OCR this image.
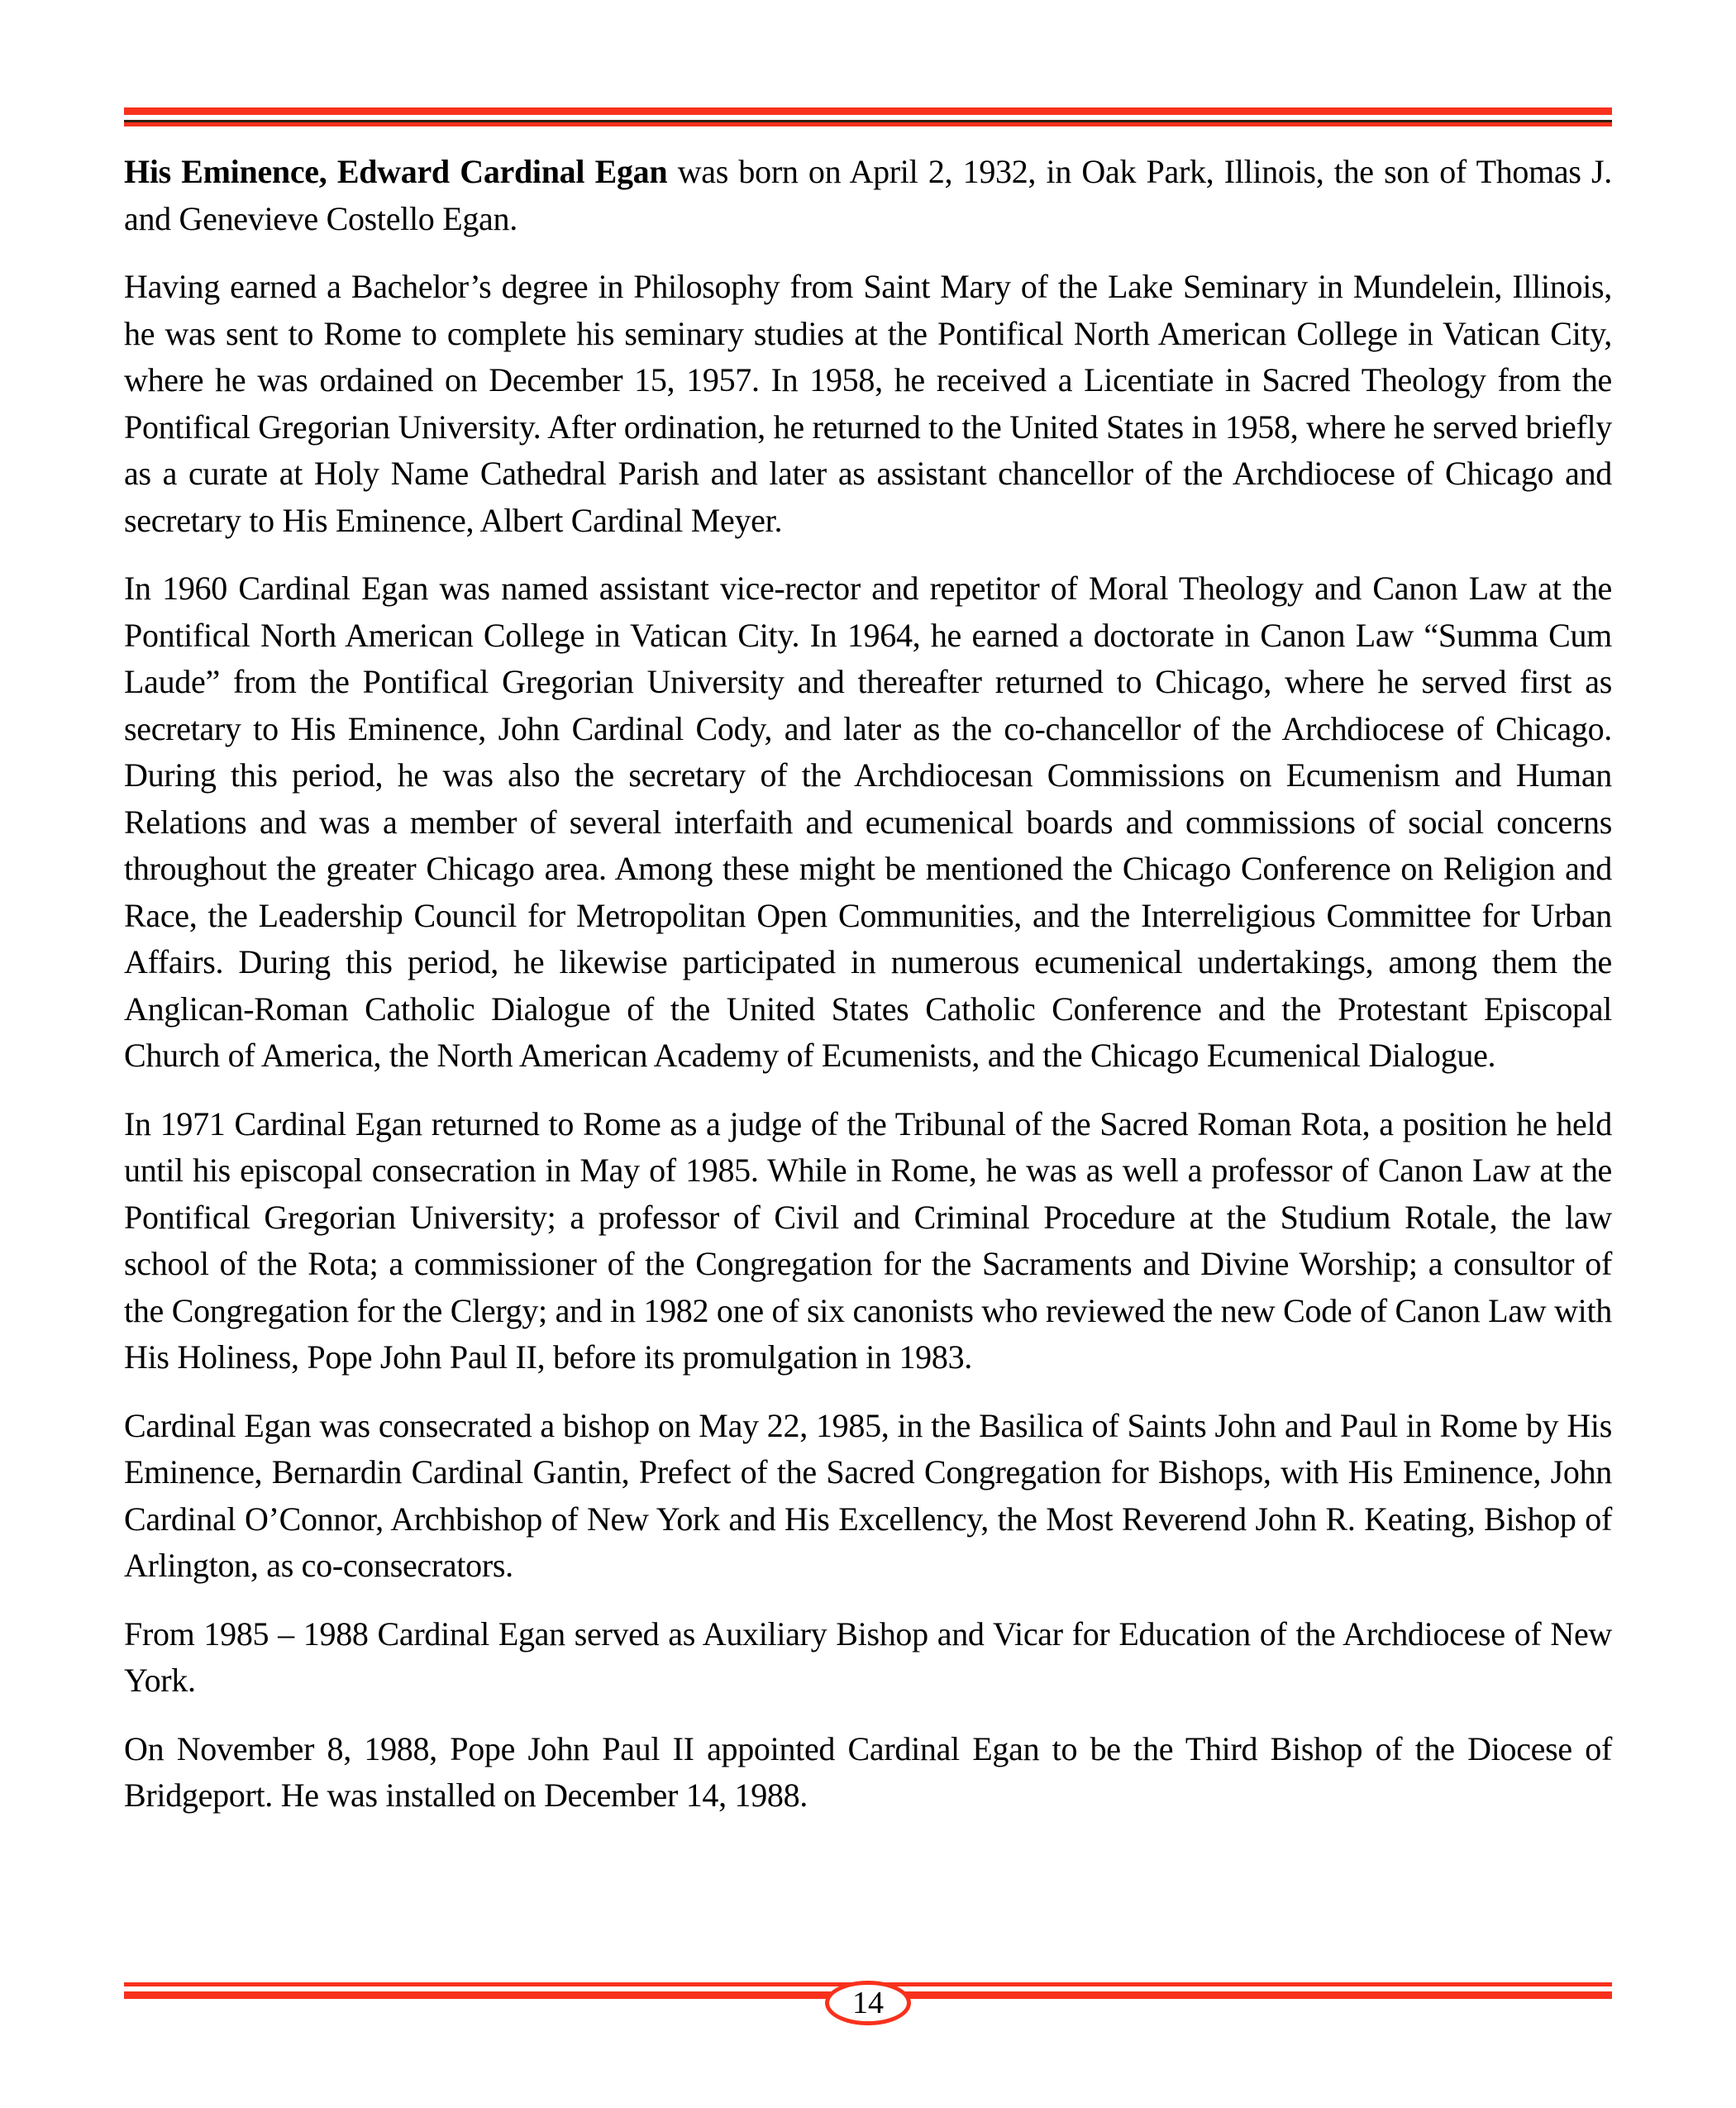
His Eminence, Edward Cardinal Egan was born on April 2, 1932, in Oak Park, Illinois, the son of Thomas J. and Genevieve Costello Egan.

Having earned a Bachelor’s degree in Philosophy from Saint Mary of the Lake Seminary in Mundelein, Illinois, he was sent to Rome to complete his seminary studies at the Pontifical North American College in Vatican City, where he was ordained on December 15, 1957. In 1958, he received a Licentiate in Sacred Theology from the Pontifical Gregorian University. After ordination, he returned to the United States in 1958, where he served briefly as a curate at Holy Name Cathedral Parish and later as assistant chancellor of the Archdiocese of Chicago and secretary to His Eminence, Albert Cardinal Meyer.

In 1960 Cardinal Egan was named assistant vice-rector and repetitor of Moral Theology and Canon Law at the Pontifical North American College in Vatican City. In 1964, he earned a doctorate in Canon Law “Summa Cum Laude” from the Pontifical Gregorian University and thereafter returned to Chicago, where he served first as secretary to His Eminence, John Cardinal Cody, and later as the co-chancellor of the Archdiocese of Chicago. During this period, he was also the secretary of the Archdiocesan Commissions on Ecumenism and Human Relations and was a member of several interfaith and ecumenical boards and commissions of social concerns throughout the greater Chicago area. Among these might be mentioned the Chicago Conference on Religion and Race, the Leadership Council for Metropolitan Open Communities, and the Interreligious Committee for Urban Affairs. During this period, he likewise participated in numerous ecumenical undertakings, among them the Anglican-Roman Catholic Dialogue of the United States Catholic Conference and the Protestant Episcopal Church of America, the North American Academy of Ecumenists, and the Chicago Ecumenical Dialogue.

In 1971 Cardinal Egan returned to Rome as a judge of the Tribunal of the Sacred Roman Rota, a position he held until his episcopal consecration in May of 1985. While in Rome, he was as well a professor of Canon Law at the Pontifical Gregorian University; a professor of Civil and Criminal Procedure at the Studium Rotale, the law school of the Rota; a commissioner of the Congregation for the Sacraments and Divine Worship; a consultor of the Congregation for the Clergy; and in 1982 one of six canonists who reviewed the new Code of Canon Law with His Holiness, Pope John Paul II, before its promulgation in 1983.

Cardinal Egan was consecrated a bishop on May 22, 1985, in the Basilica of Saints John and Paul in Rome by His Eminence, Bernardin Cardinal Gantin, Prefect of the Sacred Congregation for Bishops, with His Eminence, John Cardinal O’Connor, Archbishop of New York and His Excellency, the Most Reverend John R. Keating, Bishop of Arlington, as co-consecrators.

From 1985 – 1988 Cardinal Egan served as Auxiliary Bishop and Vicar for Education of the Archdiocese of New York.

On November 8, 1988, Pope John Paul II appointed Cardinal Egan to be the Third Bishop of the Diocese of Bridgeport. He was installed on December 14, 1988.

14
